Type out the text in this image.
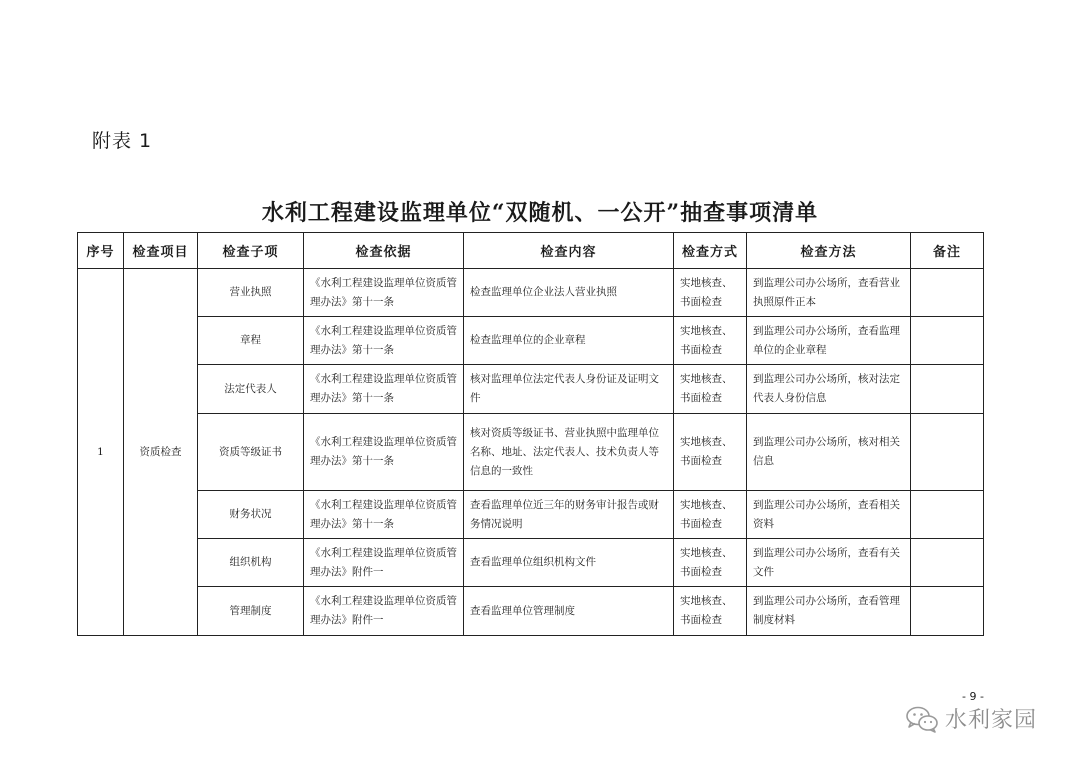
附表 1
水利工程建设监理单位“双随机、一公开”抽查事项清单
序号	检查项目	检查子项	检查依据	检查内容	检查方式	检查方法	备注
1	资质检查	营业执照	《水利工程建设监理单位资质管理办法》第十一条	检查监理单位企业法人营业执照	实地核查、书面检查	到监理公司办公场所，查看营业执照原件正本	
		章程	《水利工程建设监理单位资质管理办法》第十一条	检查监理单位的企业章程	实地核查、书面检查	到监理公司办公场所，查看监理单位的企业章程	
		法定代表人	《水利工程建设监理单位资质管理办法》第十一条	核对监理单位法定代表人身份证及证明文件	实地核查、书面检查	到监理公司办公场所，核对法定代表人身份信息	
		资质等级证书	《水利工程建设监理单位资质管理办法》第十一条	核对资质等级证书、营业执照中监理单位名称、地址、法定代表人、技术负责人等信息的一致性	实地核查、书面检查	到监理公司办公场所，核对相关信息	
		财务状况	《水利工程建设监理单位资质管理办法》第十一条	查看监理单位近三年的财务审计报告或财务情况说明	实地核查、书面检查	到监理公司办公场所，查看相关资料	
		组织机构	《水利工程建设监理单位资质管理办法》附件一	查看监理单位组织机构文件	实地核查、书面检查	到监理公司办公场所，查看有关文件	
		管理制度	《水利工程建设监理单位资质管理办法》附件一	查看监理单位管理制度	实地核查、书面检查	到监理公司办公场所，查看管理制度材料	
- 9 -
水利家园
